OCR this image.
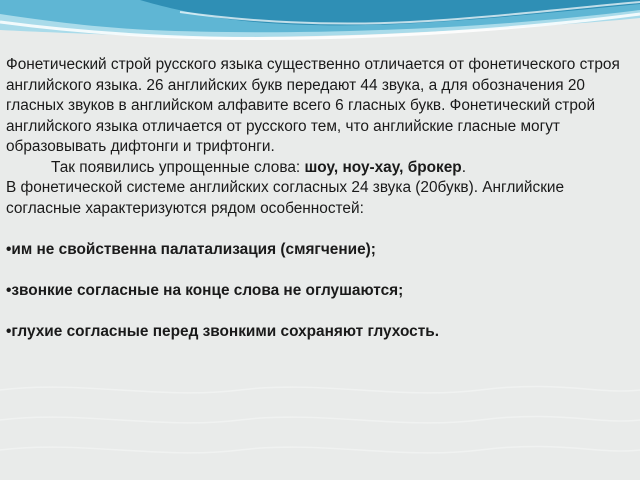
Фонетический строй русского языка существенно отличается от фонетического строя английского языка. 26 английских букв передают 44 звука, а для обозначения 20 гласных звуков в английском алфавите всего 6 гласных букв. Фонетический строй английского языка отличается от русского тем, что английские гласные могут образовывать дифтонги и трифтонги.

Так появились упрощенные слова: шоу, ноу-хау, брокер.

В фонетической системе английских согласных 24 звука (20букв). Английские согласные характеризуются рядом особенностей:

•им не свойственна палатализация (смягчение);

•звонкие согласные на конце слова не оглушаются;

•глухие согласные перед звонкими сохраняют глухость.
